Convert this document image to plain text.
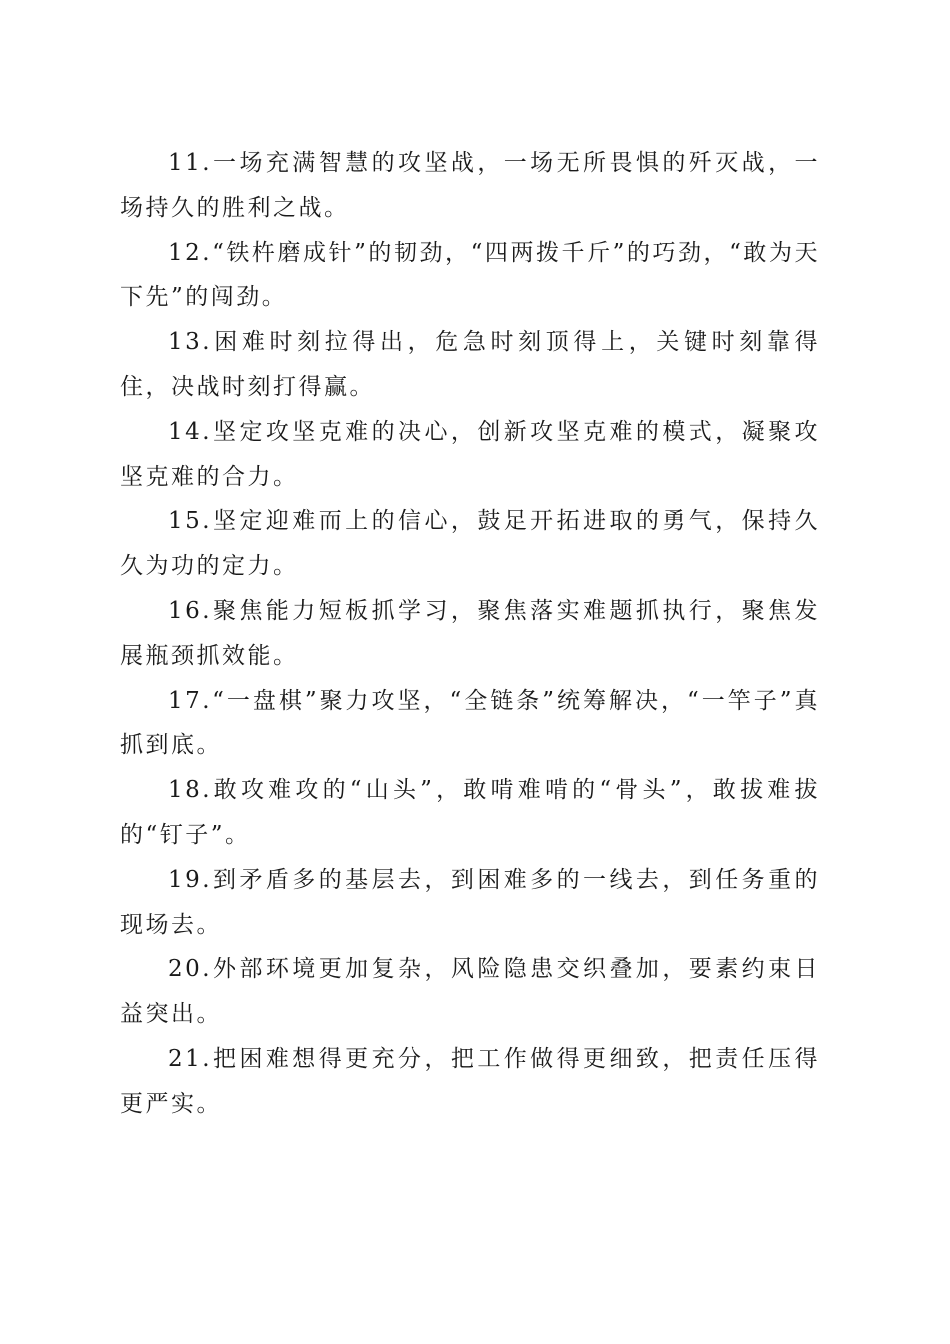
11.一场充满智慧的攻坚战，一场无所畏惧的歼灭战，一场持久的胜利之战。

12.“铁杵磨成针”的韧劲，“四两拨千斤”的巧劲，“敢为天下先”的闯劲。

13.困难时刻拉得出，危急时刻顶得上，关键时刻靠得住，决战时刻打得赢。

14.坚定攻坚克难的决心，创新攻坚克难的模式，凝聚攻坚克难的合力。

15.坚定迎难而上的信心，鼓足开拓进取的勇气，保持久久为功的定力。

16.聚焦能力短板抓学习，聚焦落实难题抓执行，聚焦发展瓶颈抓效能。

17.“一盘棋”聚力攻坚，“全链条”统筹解决，“一竿子”真抓到底。

18.敢攻难攻的“山头”，敢啃难啃的“骨头”，敢拔难拔的“钉子”。

19.到矛盾多的基层去，到困难多的一线去，到任务重的现场去。

20.外部环境更加复杂，风险隐患交织叠加，要素约束日益突出。

21.把困难想得更充分，把工作做得更细致，把责任压得更严实。
